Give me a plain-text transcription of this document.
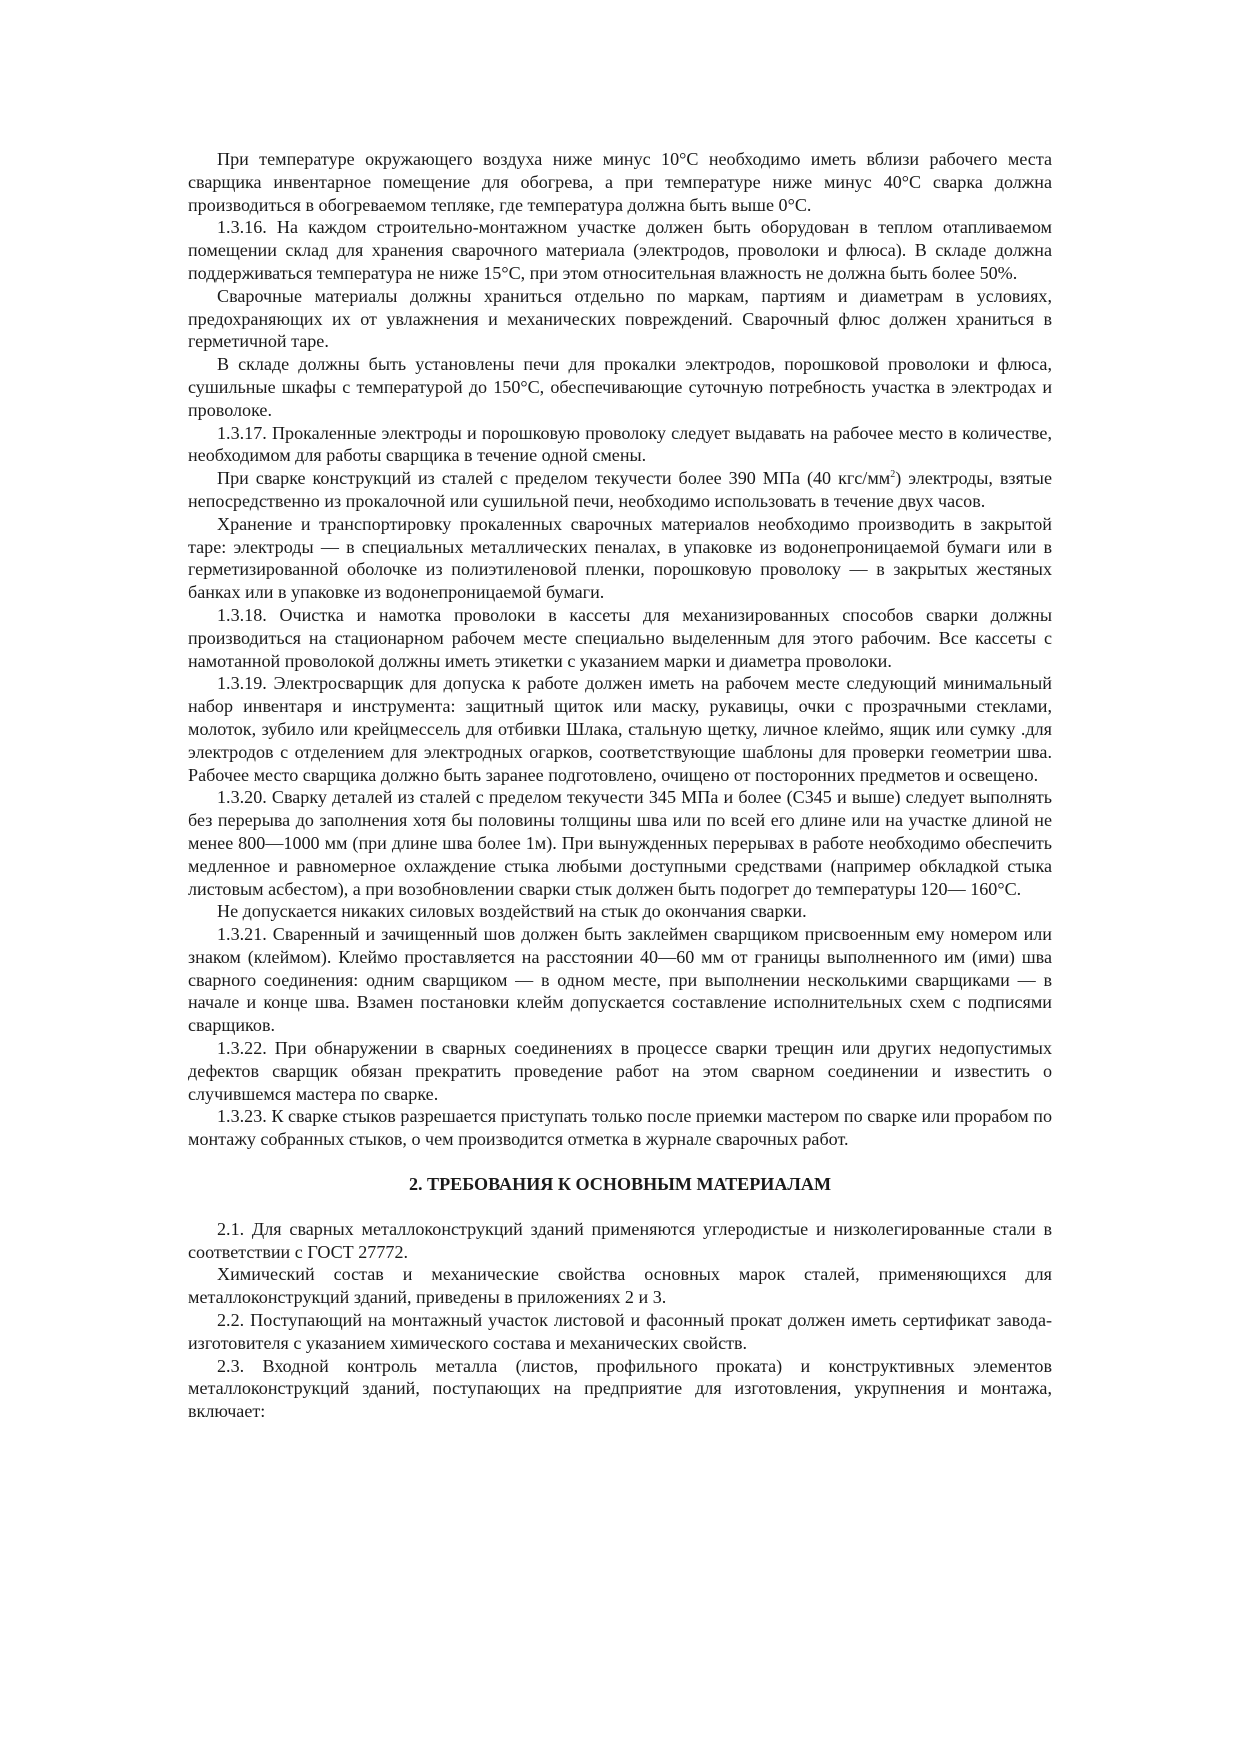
При температуре окружающего воздуха ниже минус 10°С необходимо иметь вблизи рабочего места сварщика инвентарное помещение для обогрева, а при температуре ниже минус 40°С сварка должна производиться в обогреваемом тепляке, где температура должна быть выше 0°С.

1.3.16. На каждом строительно-монтажном участке должен быть оборудован в теплом отапливаемом помещении склад для хранения сварочного материала (электродов, проволоки и флюса). В складе должна поддерживаться температура не ниже 15°С, при этом относительная влажность не должна быть более 50%.

Сварочные материалы должны храниться отдельно по маркам, партиям и диаметрам в условиях, предохраняющих их от увлажнения и механических повреждений. Сварочный флюс должен храниться в герметичной таре.

В складе должны быть установлены печи для прокалки электродов, порошковой проволоки и флюса, сушильные шкафы с температурой до 150°С, обеспечивающие суточную потребность участка в электродах и проволоке.

1.3.17. Прокаленные электроды и порошковую проволоку следует выдавать на рабочее место в количестве, необходимом для работы сварщика в течение одной смены.

При сварке конструкций из сталей с пределом текучести более 390 МПа (40 кгс/$мм^2$) электроды, взятые непосредственно из прокалочной или сушильной печи, необходимо использовать в течение двух часов.

Хранение и транспортировку прокаленных сварочных материалов необходимо производить в закрытой таре: электроды — в специальных металлических пеналах, в упаковке из водонепроницаемой бумаги или в герметизированной оболочке из полиэтиленовой пленки, порошковую проволоку — в закрытых жестяных банках или в упаковке из водонепроницаемой бумаги.

1.3.18. Очистка и намотка проволоки в кассеты для механизированных способов сварки должны производиться на стационарном рабочем месте специально выделенным для этого рабочим. Все кассеты с намотанной проволокой должны иметь этикетки с указанием марки и диаметра проволоки.

1.3.19. Электросварщик для допуска к работе должен иметь на рабочем месте следующий минимальный набор инвентаря и инструмента: защитный щиток или маску, рукавицы, очки с прозрачными стеклами, молоток, зубило или крейцмессель для отбивки Шлака, стальную щетку, личное клеймо, ящик или сумку .для электродов с отделением для электродных огарков, соответствующие шаблоны для проверки геометрии шва. Рабочее место сварщика должно быть заранее подготовлено, очищено от посторонних предметов и освещено.

1.3.20. Сварку деталей из сталей с пределом текучести 345 МПа и более (С345 и выше) следует выполнять без перерыва до заполнения хотя бы половины толщины шва или по всей его длине или на участке длиной не менее 800—1000 мм (при длине шва более 1м). При вынужденных перерывах в работе необходимо обеспечить медленное и равномерное охлаждение стыка любыми доступными средствами (например обкладкой стыка листовым асбестом), а при возобновлении сварки стык должен быть подогрет до температуры 120— 160°С.

Не допускается никаких силовых воздействий на стык до окончания сварки.

1.3.21. Сваренный и зачищенный шов должен быть заклеймен сварщиком присвоенным ему номером или знаком (клеймом). Клеймо проставляется на расстоянии 40—60 мм от границы выполненного им (ими) шва сварного соединения: одним сварщиком — в одном месте, при выполнении несколькими сварщиками — в начале и конце шва. Взамен постановки клейм допускается составление исполнительных схем с подписями сварщиков.

1.3.22. При обнаружении в сварных соединениях в процессе сварки трещин или других недопустимых дефектов сварщик обязан прекратить проведение работ на этом сварном соединении и известить о случившемся мастера по сварке.

1.3.23. К сварке стыков разрешается приступать только после приемки мастером по сварке или прорабом по монтажу собранных стыков, о чем производится отметка в журнале сварочных работ.

2. ТРЕБОВАНИЯ К ОСНОВНЫМ МАТЕРИАЛАМ

2.1. Для сварных металлоконструкций зданий применяются углеродистые и низколегированные стали в соответствии с ГОСТ 27772.

Химический состав и механические свойства основных марок сталей, применяющихся для металлоконструкций зданий, приведены в приложениях 2 и 3.

2.2. Поступающий на монтажный участок листовой и фасонный прокат должен иметь сертификат завода-изготовителя с указанием химического состава и механических свойств.

2.3. Входной контроль металла (листов, профильного проката) и конструктивных элементов металлоконструкций зданий, поступающих на предприятие для изготовления, укрупнения и монтажа, включает:
